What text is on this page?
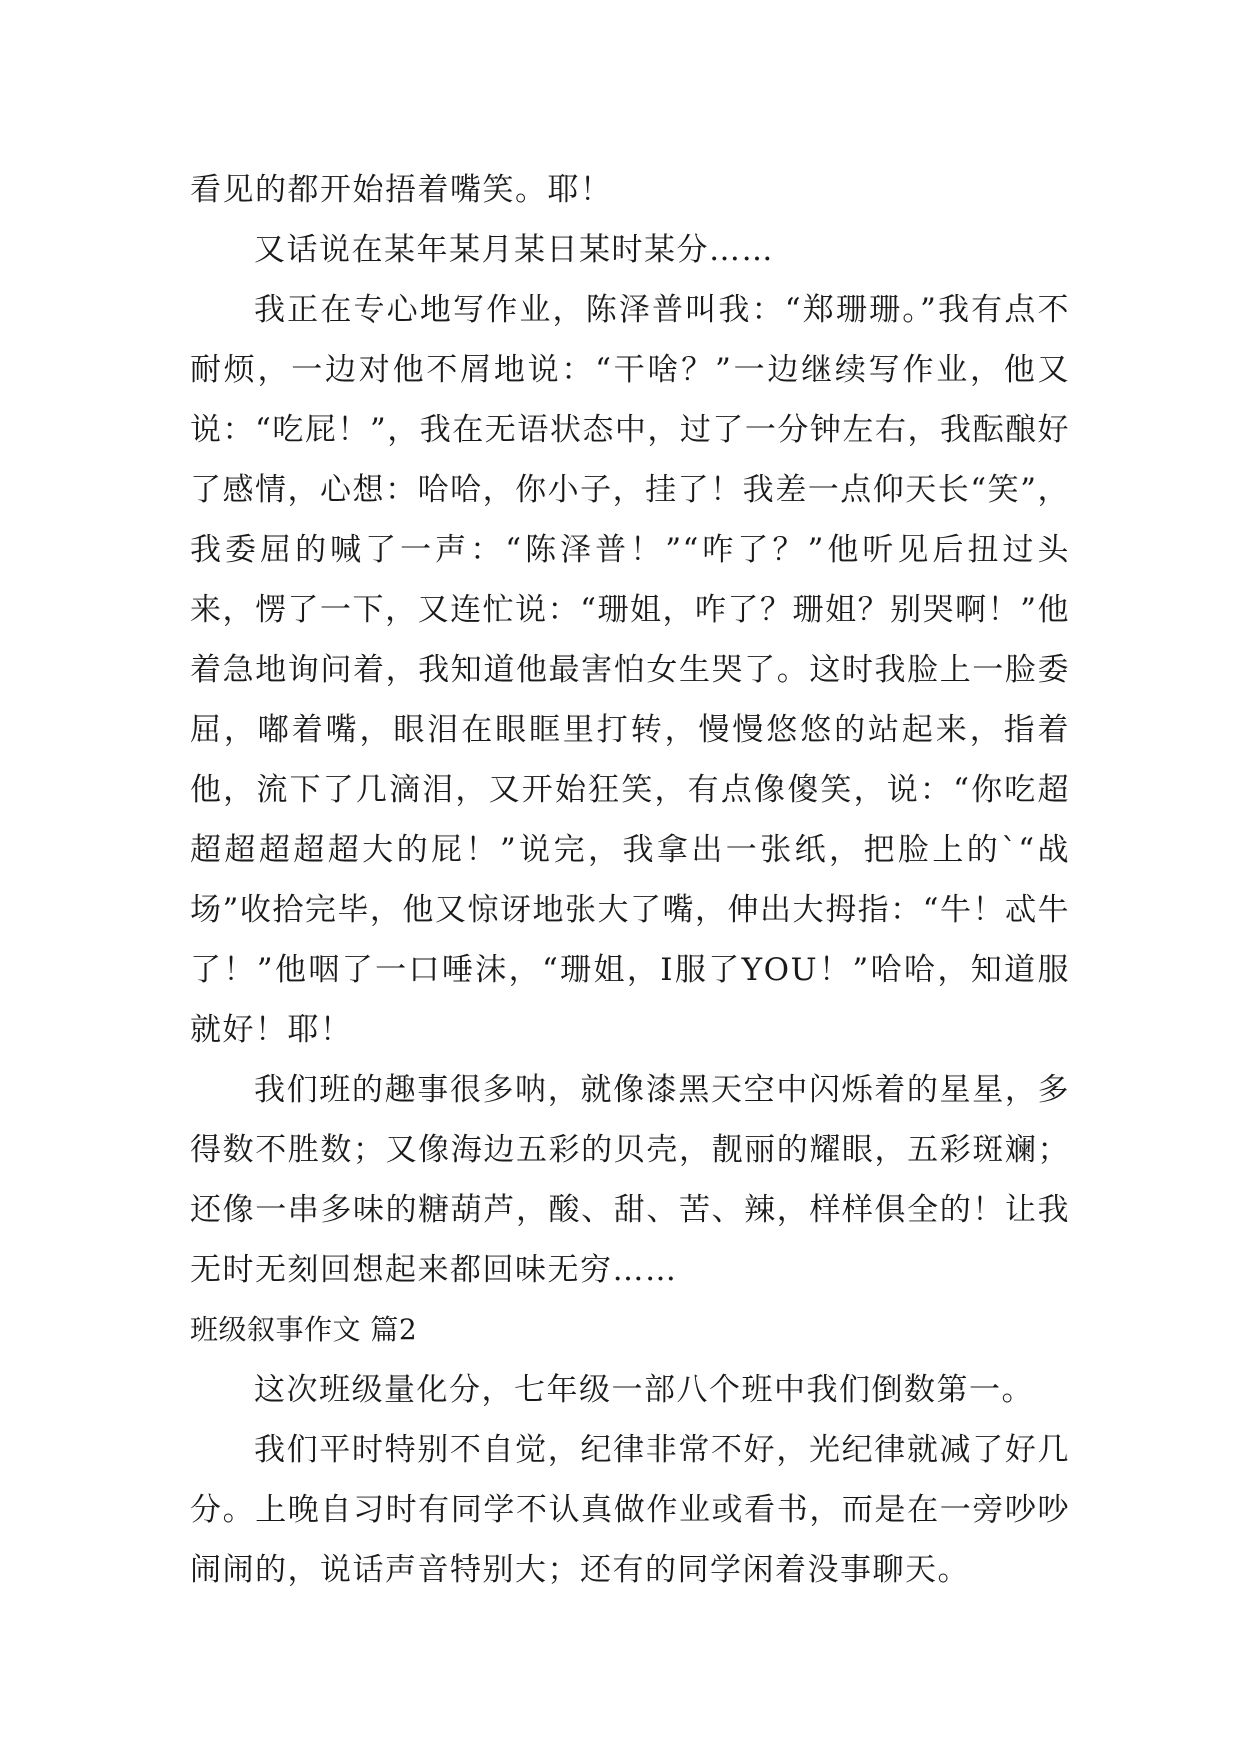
看见的都开始捂着嘴笑。耶！

又话说在某年某月某日某时某分……

我正在专心地写作业，陈泽普叫我：“郑珊珊。”我有点不耐烦，一边对他不屑地说：“干啥？”一边继续写作业，他又说：“吃屁！”，我在无语状态中，过了一分钟左右，我酝酿好了感情，心想：哈哈，你小子，挂了！我差一点仰天长“笑”，我委屈的喊了一声：“陈泽普！”“咋了？”他听见后扭过头来，愣了一下，又连忙说：“珊姐，咋了？珊姐？别哭啊！”他着急地询问着，我知道他最害怕女生哭了。这时我脸上一脸委屈，嘟着嘴，眼泪在眼眶里打转，慢慢悠悠的站起来，指着他，流下了几滴泪，又开始狂笑，有点像傻笑，说：“你吃超超超超超超大的屁！”说完，我拿出一张纸，把脸上的`“战场”收拾完毕，他又惊讶地张大了嘴，伸出大拇指：“牛！忒牛了！”他咽了一口唾沫，“珊姐，I服了YOU！”哈哈，知道服就好！耶！

我们班的趣事很多呐，就像漆黑天空中闪烁着的星星，多得数不胜数；又像海边五彩的贝壳，靓丽的耀眼，五彩斑斓；还像一串多味的糖葫芦，酸、甜、苦、辣，样样俱全的！让我无时无刻回想起来都回味无穷……

班级叙事作文 篇2

这次班级量化分，七年级一部八个班中我们倒数第一。

我们平时特别不自觉，纪律非常不好，光纪律就减了好几分。上晚自习时有同学不认真做作业或看书，而是在一旁吵吵闹闹的，说话声音特别大；还有的同学闲着没事聊天。
